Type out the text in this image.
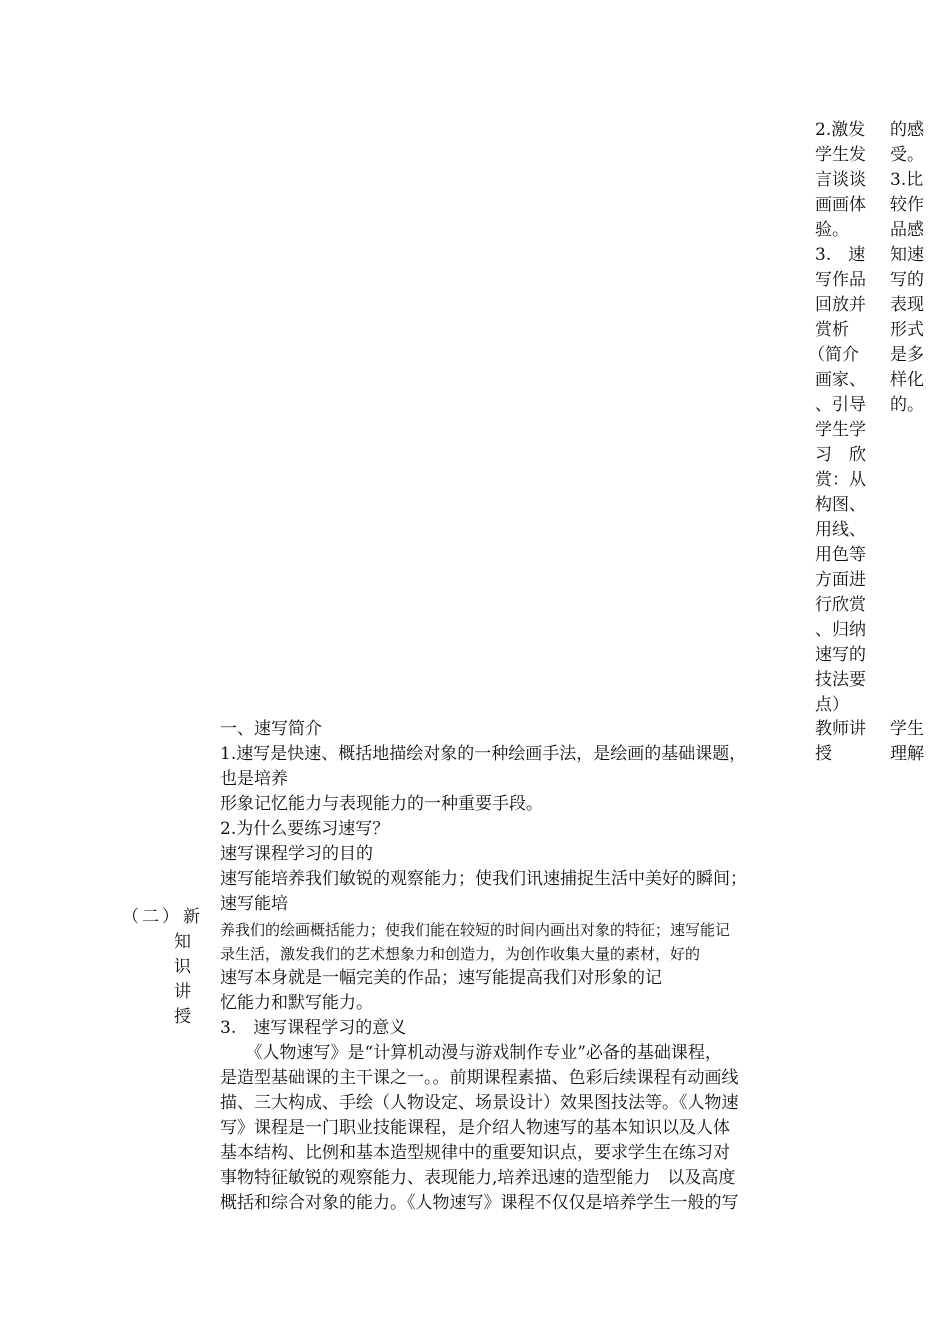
2.激发
学生发
言谈谈
画画体
验。
3.　速
写作品
回放并
赏析
（简介
画家、
、引导
学生学
习　欣
赏：从
构图、
用线、
用色等
方面进
行欣赏
、归纳
速写的
技法要
点）
的感
受。
3.比
较作
品感
知速
写的
表现
形式
是多
样化
的。
教师讲
授
学生
理解
（二） 新
知
识
讲
授
一、速写简介
1.速写是快速、概括地描绘对象的一种绘画手法，是绘画的基础课题，
也是培养
形象记忆能力与表现能力的一种重要手段。
2.为什么要练习速写？
速写课程学习的目的
速写能培养我们敏锐的观察能力；使我们讯速捕捉生活中美好的瞬间；
速写能培
养我们的绘画概括能力；使我们能在较短的时间内画出对象的特征；速写能记
录生活，激发我们的艺术想象力和创造力，为创作收集大量的素材，好的
速写本身就是一幅完美的作品；速写能提高我们对形象的记
忆能力和默写能力。
3.　速写课程学习的意义
　　《人物速写》是“计算机动漫与游戏制作专业”必备的基础课程，
是造型基础课的主干课之一。。前期课程素描、色彩后续课程有动画线
描、三大构成、手绘（人物设定、场景设计）效果图技法等。《人物速
写》课程是一门职业技能课程，是介绍人物速写的基本知识以及人体
基本结构、比例和基本造型规律中的重要知识点，要求学生在练习对
事物特征敏锐的观察能力、表现能力,培养迅速的造型能力　以及高度
概括和综合对象的能力。《人物速写》课程不仅仅是培养学生一般的写
